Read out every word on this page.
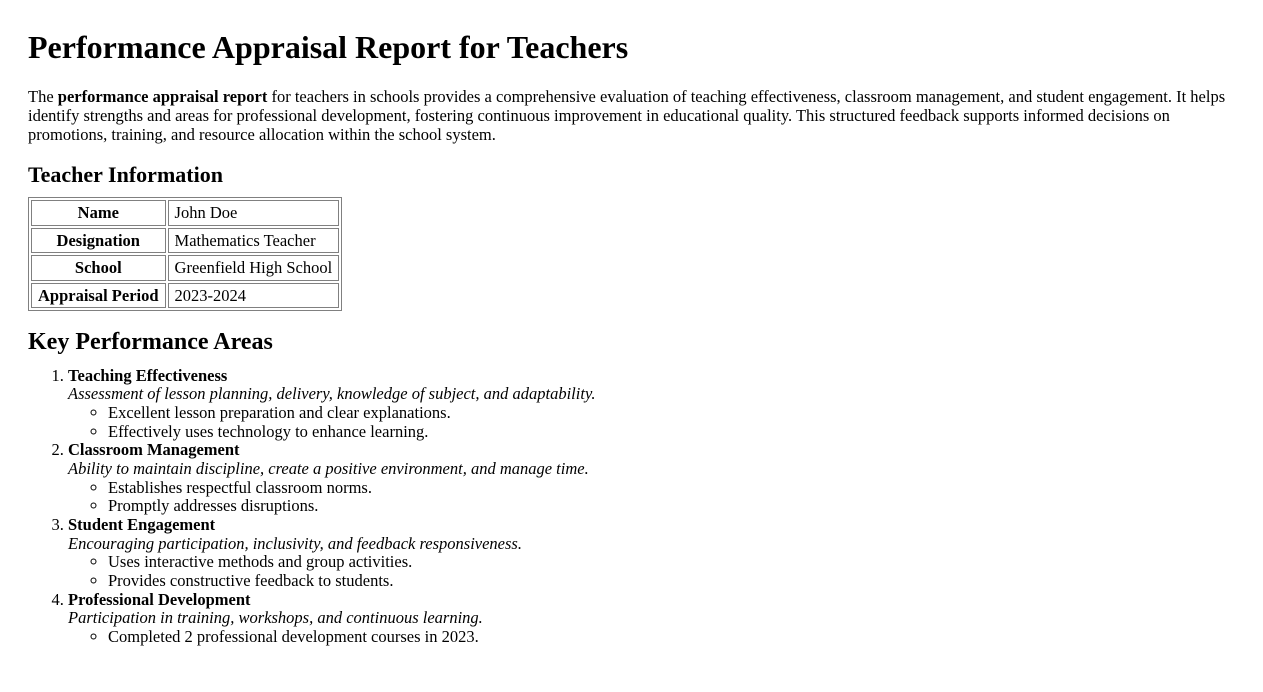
Performance Appraisal Report for Teachers

The performance appraisal report for teachers in schools provides a comprehensive evaluation of teaching effectiveness, classroom management, and student engagement. It helps identify strengths and areas for professional development, fostering continuous improvement in educational quality. This structured feedback supports informed decisions on promotions, training, and resource allocation within the school system.

Teacher Information
Name	John Doe
Designation	Mathematics Teacher
School	Greenfield High School
Appraisal Period	2023-2024
Key Performance Areas
1. Teaching Effectiveness
Assessment of lesson planning, delivery, knowledge of subject, and adaptability.
◦ Excellent lesson preparation and clear explanations.
◦ Effectively uses technology to enhance learning.
2. Classroom Management
Ability to maintain discipline, create a positive environment, and manage time.
◦ Establishes respectful classroom norms.
◦ Promptly addresses disruptions.
3. Student Engagement
Encouraging participation, inclusivity, and feedback responsiveness.
◦ Uses interactive methods and group activities.
◦ Provides constructive feedback to students.
4. Professional Development
Participation in training, workshops, and continuous learning.
◦ Completed 2 professional development courses in 2023.
